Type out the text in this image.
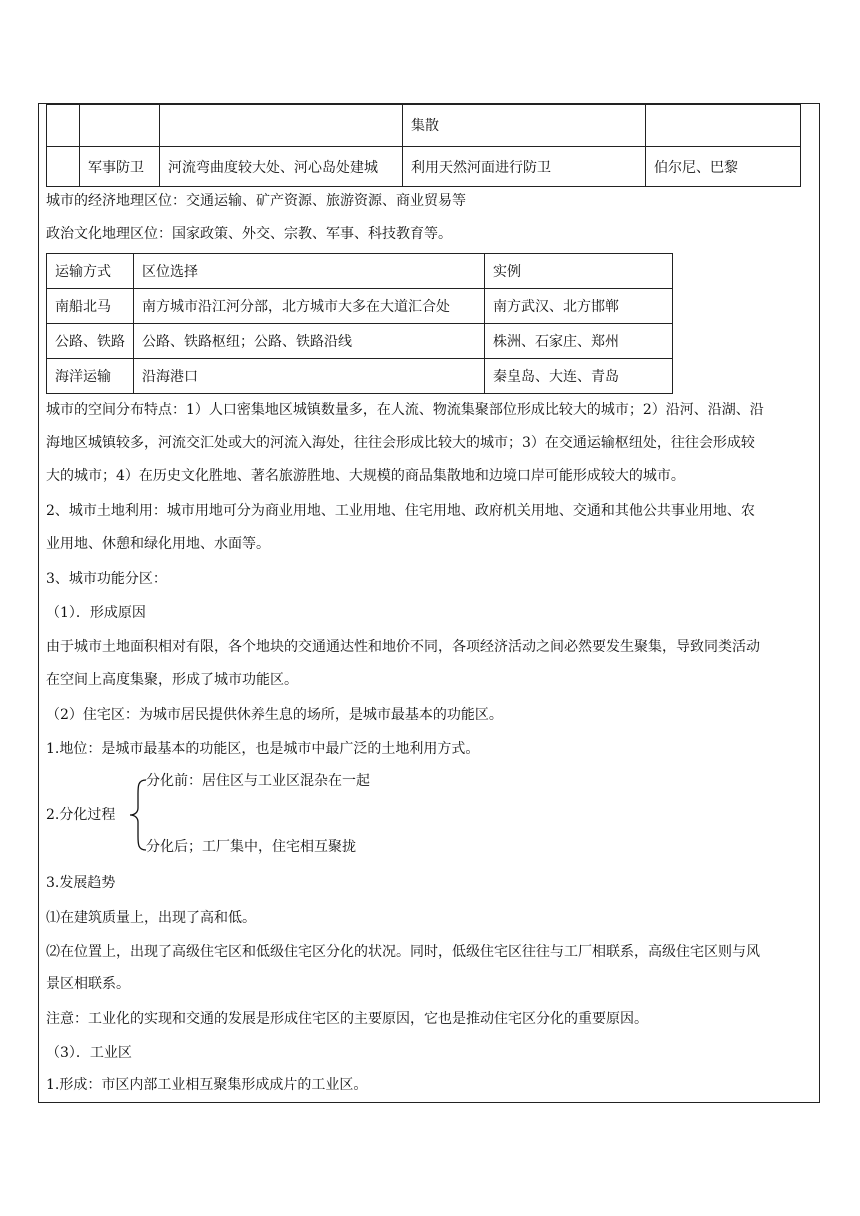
			集散	
	军事防卫	河流弯曲度较大处、河心岛处建城	利用天然河面进行防卫	伯尔尼、巴黎
城市的经济地理区位：交通运输、矿产资源、旅游资源、商业贸易等
政治文化地理区位：国家政策、外交、宗教、军事、科技教育等。
运输方式	区位选择	实例
南船北马	南方城市沿江河分部，北方城市大多在大道汇合处	南方武汉、北方邯郸
公路、铁路	公路、铁路枢纽；公路、铁路沿线	株洲、石家庄、郑州
海洋运输	沿海港口	秦皇岛、大连、青岛
城市的空间分布特点：1）人口密集地区城镇数量多，在人流、物流集聚部位形成比较大的城市；2）沿河、沿湖、沿
海地区城镇较多，河流交汇处或大的河流入海处，往往会形成比较大的城市；3）在交通运输枢纽处，往往会形成较
大的城市；4）在历史文化胜地、著名旅游胜地、大规模的商品集散地和边境口岸可能形成较大的城市。
2、城市土地利用：城市用地可分为商业用地、工业用地、住宅用地、政府机关用地、交通和其他公共事业用地、农
业用地、休憩和绿化用地、水面等。
3、城市功能分区：
（1）．形成原因
由于城市土地面积相对有限，各个地块的交通通达性和地价不同，各项经济活动之间必然要发生聚集，导致同类活动
在空间上高度集聚，形成了城市功能区。
（2）住宅区：为城市居民提供休养生息的场所，是城市最基本的功能区。
1.地位：是城市最基本的功能区，也是城市中最广泛的土地利用方式。
2.分化过程
分化前：居住区与工业区混杂在一起
分化后；工厂集中，住宅相互聚拢
3.发展趋势
⑴在建筑质量上，出现了高和低。
⑵在位置上，出现了高级住宅区和低级住宅区分化的状况。同时，低级住宅区往往与工厂相联系，高级住宅区则与风
景区相联系。
注意：工业化的实现和交通的发展是形成住宅区的主要原因，它也是推动住宅区分化的重要原因。
（3）．工业区
1.形成：市区内部工业相互聚集形成成片的工业区。
